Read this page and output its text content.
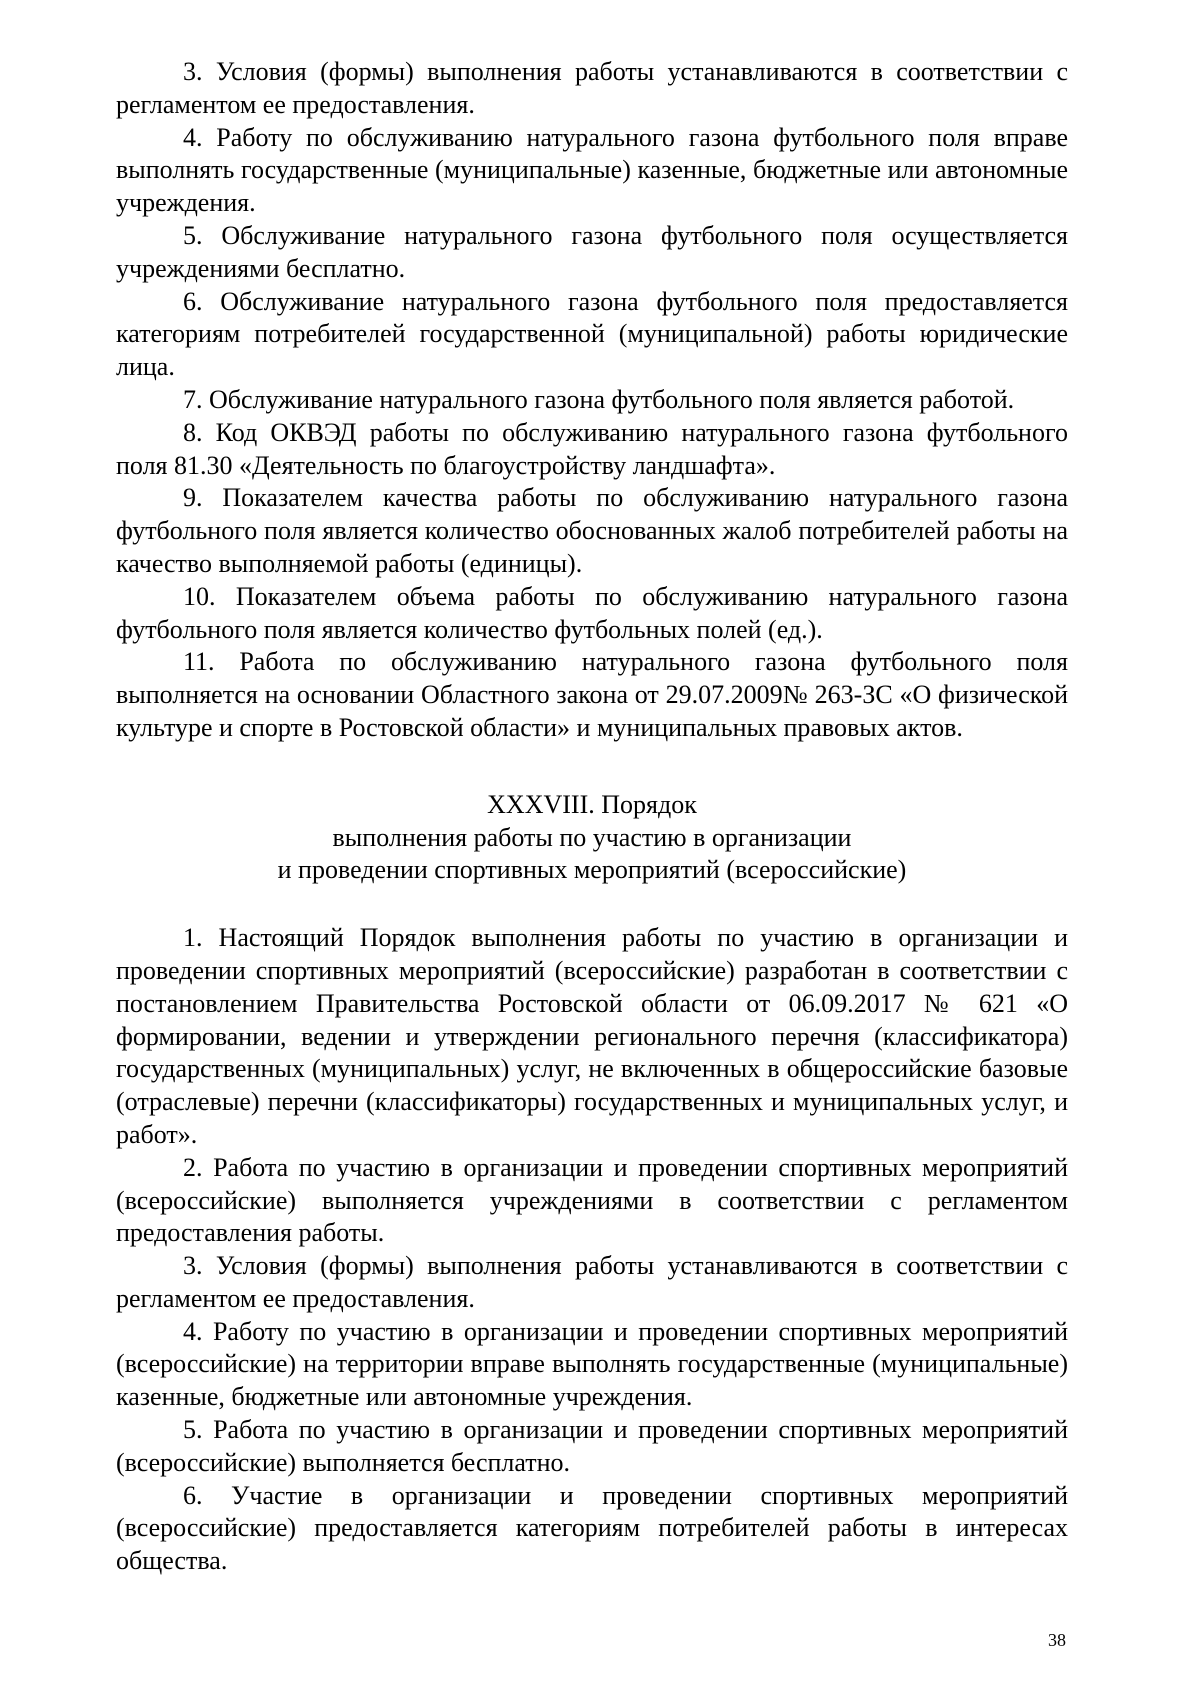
3. Условия (формы) выполнения работы устанавливаются в соответствии с регламентом ее предоставления.

4. Работу по обслуживанию натурального газона футбольного поля вправе выполнять государственные (муниципальные) казенные, бюджетные или автономные учреждения.

5. Обслуживание натурального газона футбольного поля осуществляется учреждениями бесплатно.

6. Обслуживание натурального газона футбольного поля предоставляется категориям потребителей государственной (муниципальной) работы юридические лица.

7. Обслуживание натурального газона футбольного поля является работой.

8. Код ОКВЭД работы по обслуживанию натурального газона футбольного поля 81.30 «Деятельность по благоустройству ландшафта».

9. Показателем качества работы по обслуживанию натурального газона футбольного поля является количество обоснованных жалоб потребителей работы на качество выполняемой работы (единицы).

10. Показателем объема работы по обслуживанию натурального газона футбольного поля является количество футбольных полей (ед.).

11. Работа по обслуживанию натурального газона футбольного поля выполняется на основании Областного закона от 29.07.2009№ 263-ЗС «О физической культуре и спорте в Ростовской области» и муниципальных правовых актов.

XXXVIII. Порядок
выполнения работы по участию в организации
и проведении спортивных мероприятий (всероссийские)

1. Настоящий Порядок выполнения работы по участию в организации и проведении спортивных мероприятий (всероссийские) разработан в соответствии с постановлением Правительства Ростовской области от 06.09.2017 № 621 «О формировании, ведении и утверждении регионального перечня (классификатора) государственных (муниципальных) услуг, не включенных в общероссийские базовые (отраслевые) перечни (классификаторы) государственных и муниципальных услуг, и работ».

2. Работа по участию в организации и проведении спортивных мероприятий (всероссийские) выполняется учреждениями в соответствии с регламентом предоставления работы.

3. Условия (формы) выполнения работы устанавливаются в соответствии с регламентом ее предоставления.

4. Работу по участию в организации и проведении спортивных мероприятий (всероссийские) на территории вправе выполнять государственные (муниципальные) казенные, бюджетные или автономные учреждения.

5. Работа по участию в организации и проведении спортивных мероприятий (всероссийские) выполняется бесплатно.

6. Участие в организации и проведении спортивных мероприятий (всероссийские) предоставляется категориям потребителей работы в интересах общества.

38
